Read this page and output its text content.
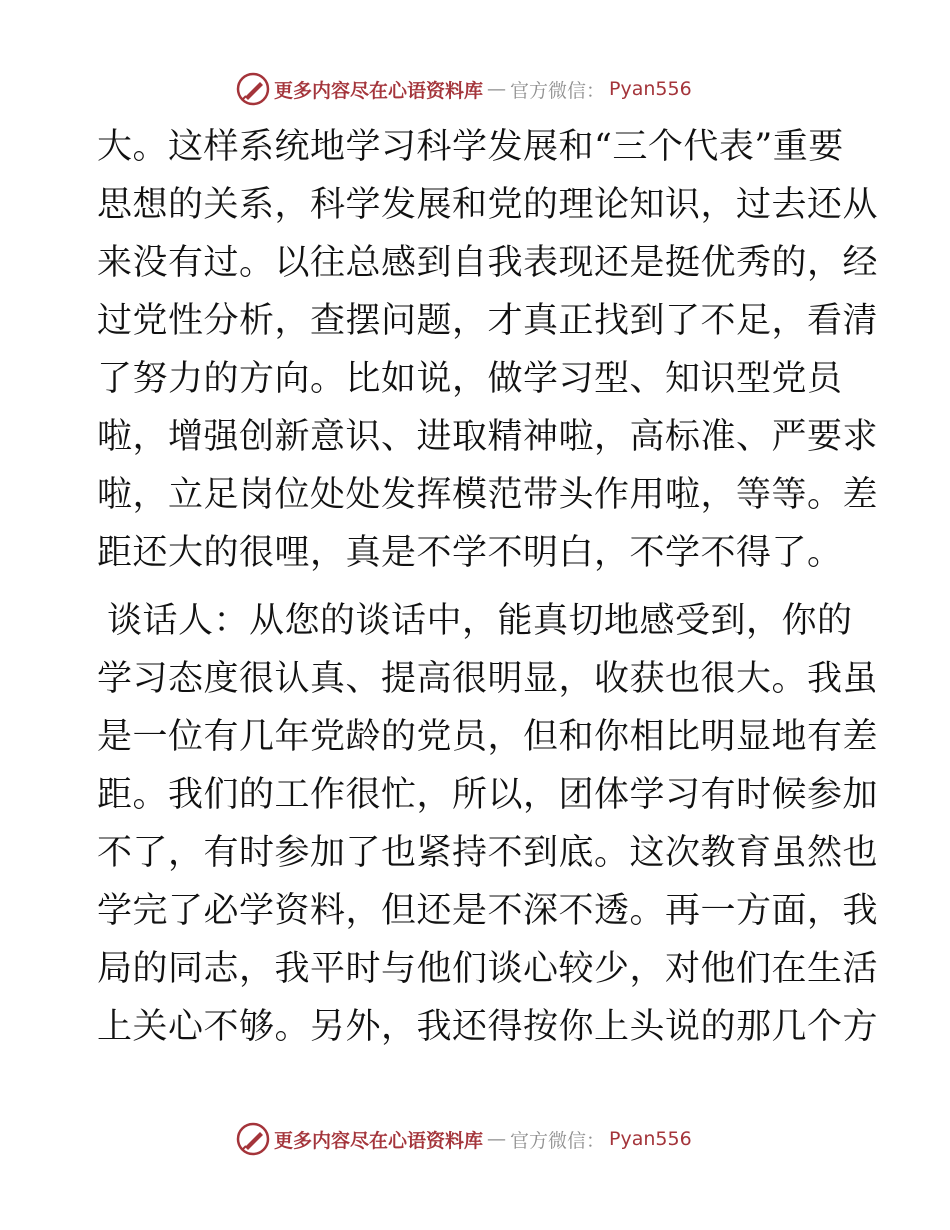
更多内容尽在心语资料库 — 官方微信： Pyan556
大。这样系统地学习科学发展和“三个代表”重要
思想的关系，科学发展和党的理论知识，过去还从
来没有过。以往总感到自我表现还是挺优秀的，经
过党性分析，查摆问题，才真正找到了不足，看清
了努力的方向。比如说，做学习型、知识型党员
啦，增强创新意识、进取精神啦，高标准、严要求
啦，立足岗位处处发挥模范带头作用啦，等等。差
距还大的很哩，真是不学不明白，不学不得了。
谈话人：从您的谈话中，能真切地感受到，你的
学习态度很认真、提高很明显，收获也很大。我虽
是一位有几年党龄的党员，但和你相比明显地有差
距。我们的工作很忙，所以，团体学习有时候参加
不了，有时参加了也紧持不到底。这次教育虽然也
学完了必学资料，但还是不深不透。再一方面，我
局的同志，我平时与他们谈心较少，对他们在生活
上关心不够。另外，我还得按你上头说的那几个方
更多内容尽在心语资料库 — 官方微信： Pyan556
